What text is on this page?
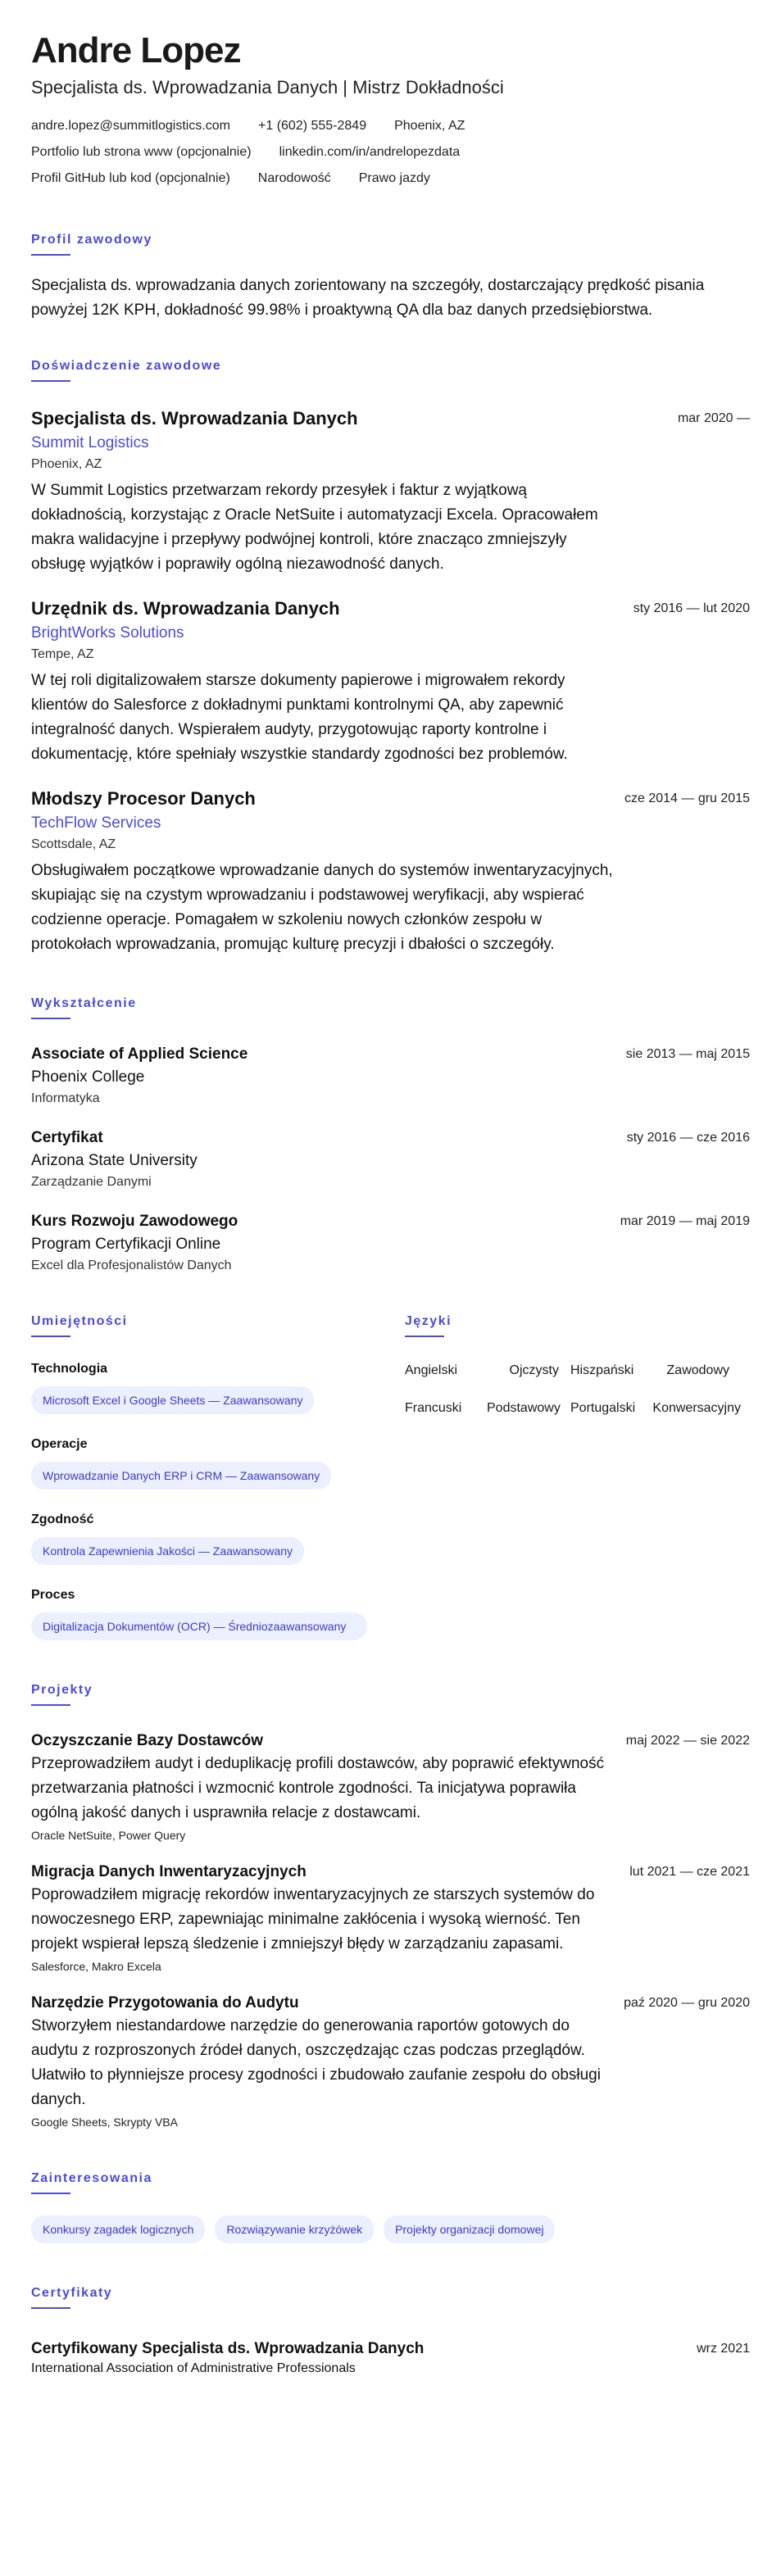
Andre Lopez
Specjalista ds. Wprowadzania Danych | Mistrz Dokładności
andre.lopez@summitlogistics.com +1 (602) 555-2849 Phoenix, AZ
Portfolio lub strona www (opcjonalnie) linkedin.com/in/andrelopezdata
Profil GitHub lub kod (opcjonalnie) Narodowość Prawo jazdy
Profil zawodowy
Specjalista ds. wprowadzania danych zorientowany na szczegóły, dostarczający prędkość pisania powyżej 12K KPH, dokładność 99.98% i proaktywną QA dla baz danych przedsiębiorstwa.
Doświadczenie zawodowe
mar 2020 —
Specjalista ds. Wprowadzania Danych
Summit Logistics
Phoenix, AZ
W Summit Logistics przetwarzam rekordy przesyłek i faktur z wyjątkową dokładnością, korzystając z Oracle NetSuite i automatyzacji Excela. Opracowałem makra walidacyjne i przepływy podwójnej kontroli, które znacząco zmniejszyły obsługę wyjątków i poprawiły ogólną niezawodność danych.
sty 2016 — lut 2020
Urzędnik ds. Wprowadzania Danych
BrightWorks Solutions
Tempe, AZ
W tej roli digitalizowałem starsze dokumenty papierowe i migrowałem rekordy klientów do Salesforce z dokładnymi punktami kontrolnymi QA, aby zapewnić integralność danych. Wspierałem audyty, przygotowując raporty kontrolne i dokumentację, które spełniały wszystkie standardy zgodności bez problemów.
cze 2014 — gru 2015
Młodszy Procesor Danych
TechFlow Services
Scottsdale, AZ
Obsługiwałem początkowe wprowadzanie danych do systemów inwentaryzacyjnych, skupiając się na czystym wprowadzaniu i podstawowej weryfikacji, aby wspierać codzienne operacje. Pomagałem w szkoleniu nowych członków zespołu w protokołach wprowadzania, promując kulturę precyzji i dbałości o szczegóły.
Wykształcenie
sie 2013 — maj 2015
Associate of Applied Science
Phoenix College
Informatyka
sty 2016 — cze 2016
Certyfikat
Arizona State University
Zarządzanie Danymi
mar 2019 — maj 2019
Kurs Rozwoju Zawodowego
Program Certyfikacji Online
Excel dla Profesjonalistów Danych
Umiejętności
Technologia
Microsoft Excel i Google Sheets — Zaawansowany
Operacje
Wprowadzanie Danych ERP i CRM — Zaawansowany
Zgodność
Kontrola Zapewnienia Jakości — Zaawansowany
Proces
Digitalizacja Dokumentów (OCR) — Średniozaawansowany
Języki
Angielski	Ojczysty Hiszpański	Zawodowy
Francuski	Podstawowy Portugalski	Konwersacyjny
Projekty
maj 2022 — sie 2022
Oczyszczanie Bazy Dostawców
Przeprowadziłem audyt i deduplikację profili dostawców, aby poprawić efektywność przetwarzania płatności i wzmocnić kontrole zgodności. Ta inicjatywa poprawiła ogólną jakość danych i usprawniła relacje z dostawcami.
Oracle NetSuite, Power Query
lut 2021 — cze 2021
Migracja Danych Inwentaryzacyjnych
Poprowadziłem migrację rekordów inwentaryzacyjnych ze starszych systemów do nowoczesnego ERP, zapewniając minimalne zakłócenia i wysoką wierność. Ten projekt wspierał lepszą śledzenie i zmniejszył błędy w zarządzaniu zapasami.
Salesforce, Makro Excela
paź 2020 — gru 2020
Narzędzie Przygotowania do Audytu
Stworzyłem niestandardowe narzędzie do generowania raportów gotowych do audytu z rozproszonych źródeł danych, oszczędzając czas podczas przeglądów. Ułatwiło to płynniejsze procesy zgodności i zbudowało zaufanie zespołu do obsługi danych.
Google Sheets, Skrypty VBA
Zainteresowania
Konkursy zagadek logicznych	Rozwiązywanie krzyżówek	Projekty organizacji domowej
Certyfikaty
wrz 2021
Certyfikowany Specjalista ds. Wprowadzania Danych
International Association of Administrative Professionals
